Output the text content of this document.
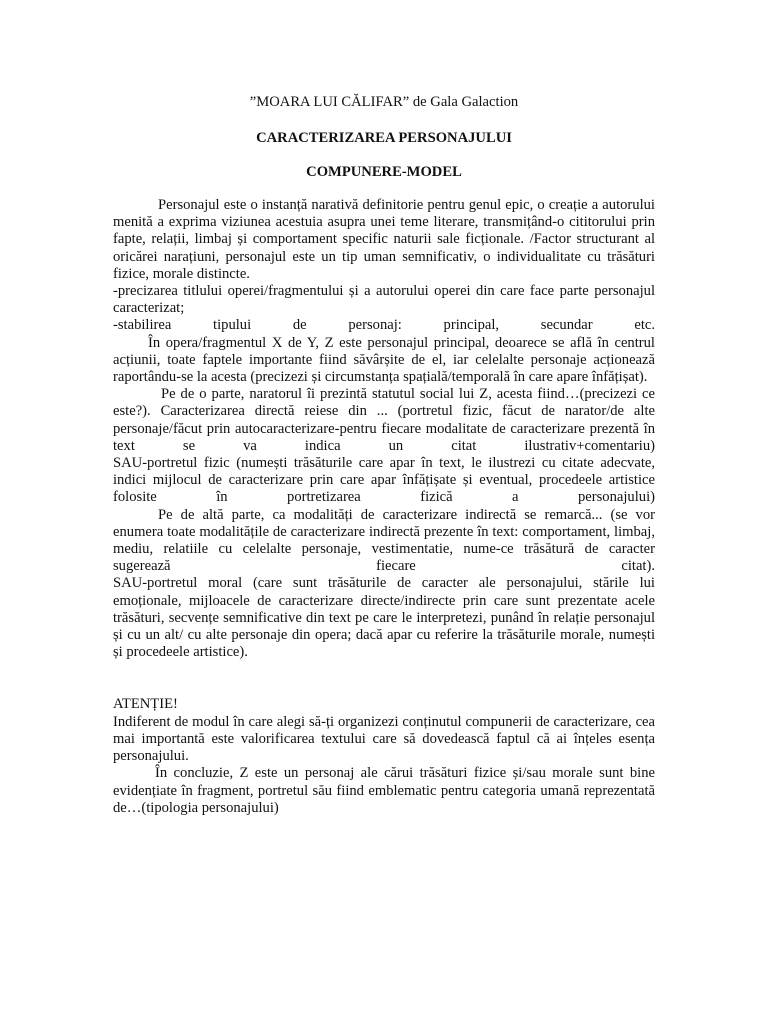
”MOARA LUI CĂLIFAR” de Gala Galaction

CARACTERIZAREA PERSONAJULUI

COMPUNERE-MODEL

Personajul este o instanță narativă definitorie pentru genul epic, o creație a autorului menită a exprima viziunea acestuia asupra unei teme literare, transmițând-o cititorului prin fapte, relații, limbaj și comportament specific naturii sale ficționale. /Factor structurant al oricărei narațiuni, personajul este un tip uman semnificativ, o individualitate cu trăsături fizice, morale distincte.

-precizarea titlului operei/fragmentului și a autorului operei din care face parte personajul caracterizat;

-stabilirea tipului de personaj: principal, secundar etc.

În opera/fragmentul X de Y, Z este personajul principal, deoarece se află în centrul acțiunii, toate faptele importante fiind săvârșite de el, iar celelalte personaje acționează raportându-se la acesta (precizezi și circumstanța spațială/temporală în care apare înfățișat).

Pe de o parte, naratorul îi prezintă statutul social lui Z, acesta fiind…(precizezi ce este?). Caracterizarea directă reiese din ... (portretul fizic, făcut de narator/de alte personaje/făcut prin autocaracterizare-pentru fiecare modalitate de caracterizare prezentă în text se va indica un citat ilustrativ+comentariu)

SAU-portretul fizic (numești trăsăturile care apar în text, le ilustrezi cu citate adecvate, indici mijlocul de caracterizare prin care apar înfățișate și eventual, procedeele artistice folosite în portretizarea fizică a personajului)

Pe de altă parte, ca modalități de caracterizare indirectă se remarcă... (se vor enumera toate modalitățile de caracterizare indirectă prezente în text: comportament, limbaj, mediu, relatiile cu celelalte personaje, vestimentatie, nume-ce trăsătură de caracter sugerează fiecare citat).

SAU-portretul moral (care sunt trăsăturile de caracter ale personajului, stările lui emoționale, mijloacele de caracterizare directe/indirecte prin care sunt prezentate acele trăsături, secvențe semnificative din text pe care le interpretezi, punând în relație personajul și cu un alt/ cu alte personaje din opera; dacă apar cu referire la trăsăturile morale, numești și procedeele artistice).

ATENȚIE!

Indiferent de modul în care alegi să-ți organizezi conținutul compunerii de caracterizare, cea mai importantă este valorificarea textului care să dovedească faptul că ai înțeles esența personajului.

În concluzie, Z este un personaj ale cărui trăsături fizice și/sau morale sunt bine evidențiate în fragment, portretul său fiind emblematic pentru categoria umană reprezentată de…(tipologia personajului)
